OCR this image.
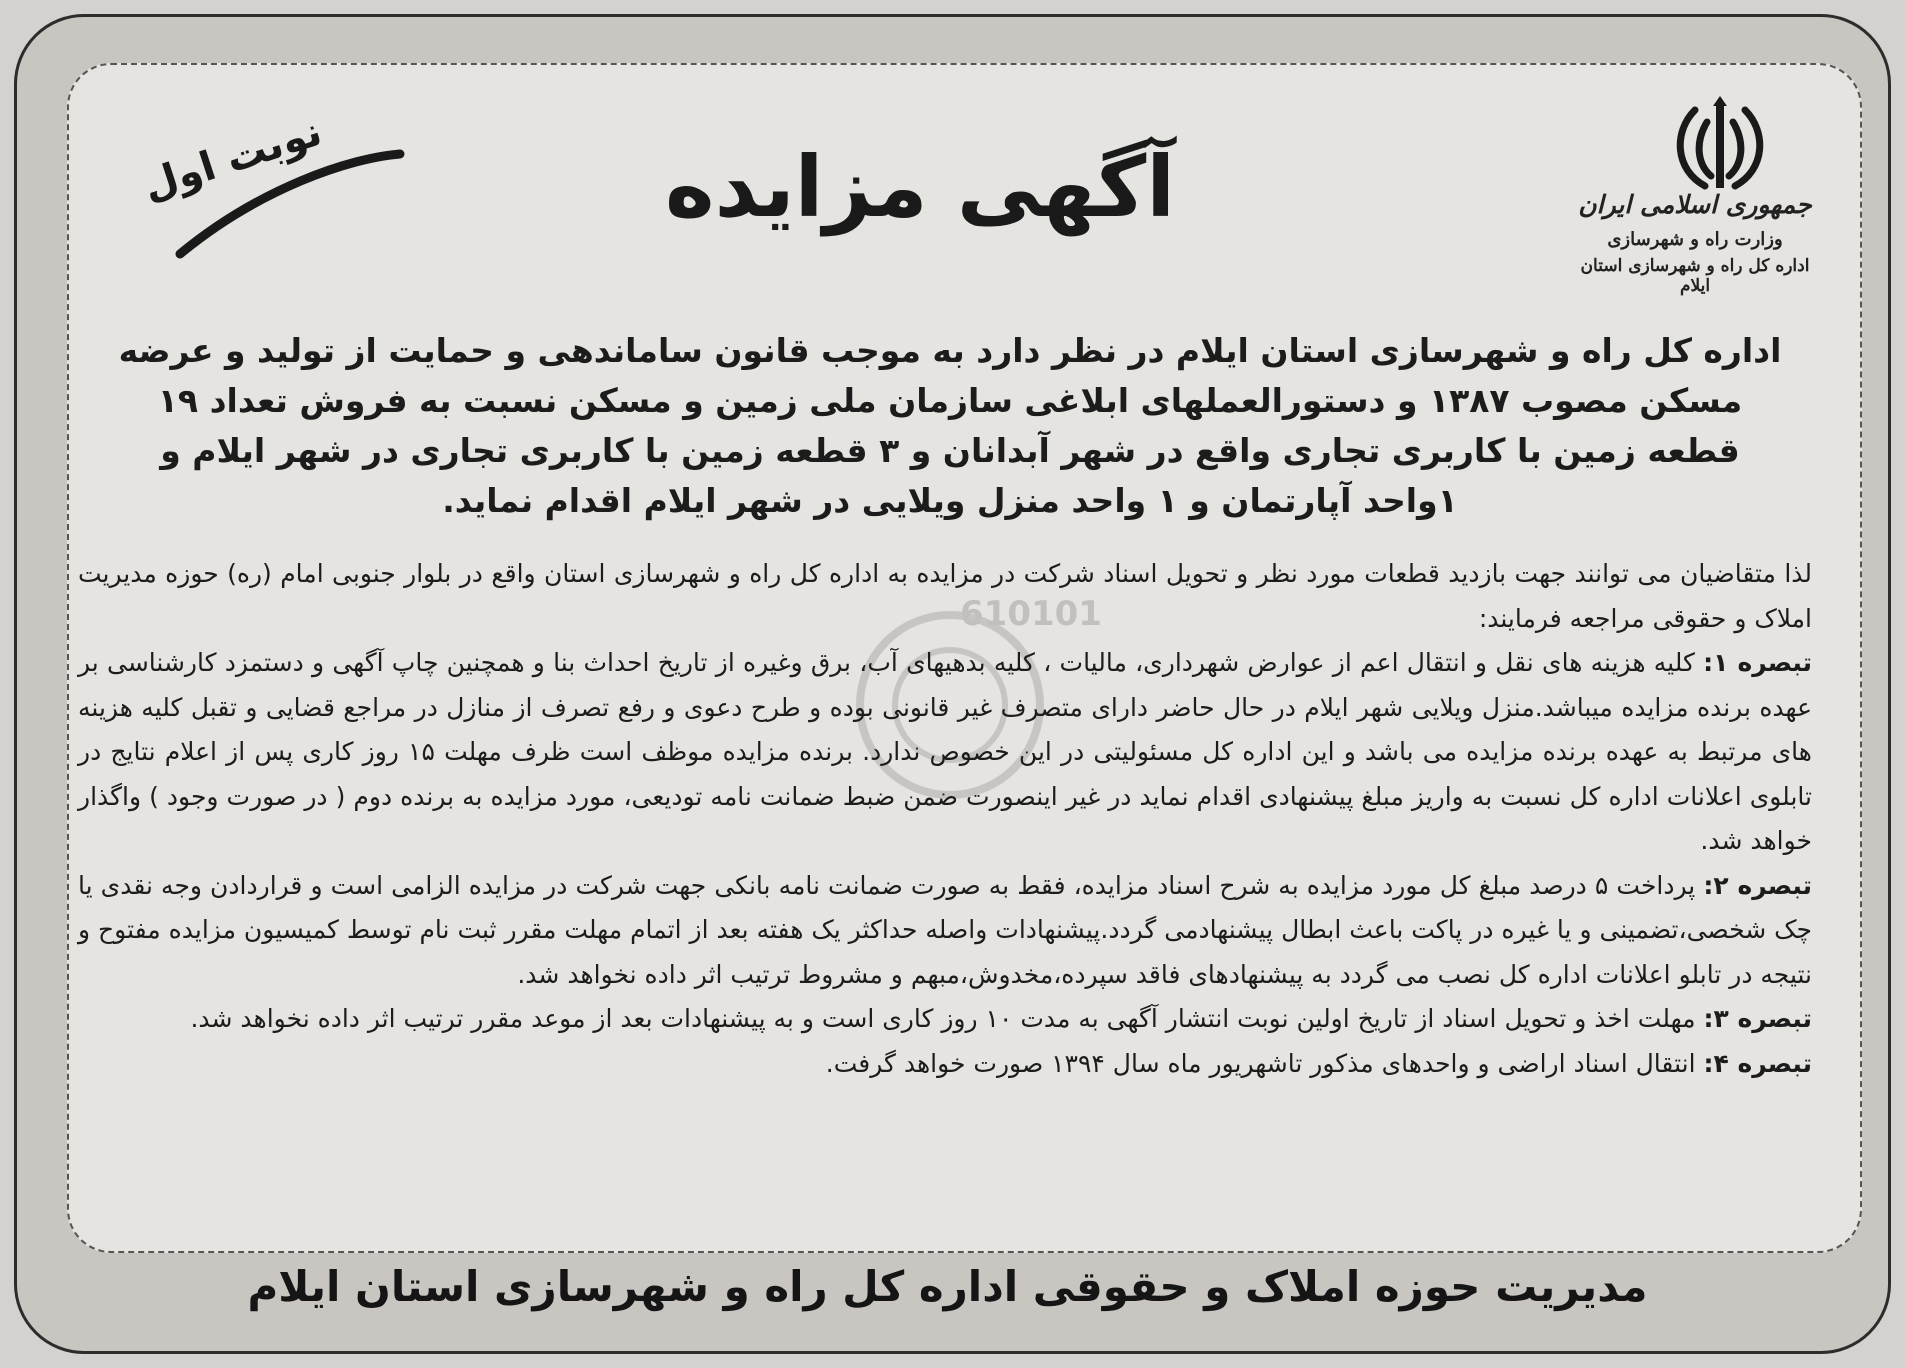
جمهوری اسلامی ایران
وزارت راه و شهرسازی
اداره کل راه و شهرسازی استان ایلام
آگهی مزایده
نوبت اول
610101
اداره کل راه و شهرسازی استان ایلام در نظر دارد به موجب قانون ساماندهی و حمایت از تولید و عرضه مسکن مصوب ۱۳۸۷ و دستورالعملهای ابلاغی سازمان ملی زمین و مسکن نسبت به فروش تعداد ۱۹ قطعه زمین با کاربری تجاری واقع در شهر آبدانان و ۳ قطعه زمین با کاربری تجاری در شهر ایلام و ۱واحد آپارتمان و ۱ واحد منزل ویلایی در شهر ایلام اقدام نماید.

لذا متقاضیان می توانند جهت بازدید قطعات مورد نظر و تحویل اسناد شرکت در مزایده به اداره کل راه و شهرسازی استان واقع در بلوار جنوبی امام (ره) حوزه مدیریت املاک و حقوقی مراجعه فرمایند:

تبصره ۱: کلیه هزینه های نقل و انتقال اعم از عوارض شهرداری، مالیات ، کلیه بدهیهای آب، برق وغیره از تاریخ احداث بنا و همچنین چاپ آگهی و دستمزد کارشناسی بر عهده برنده مزایده میباشد.منزل ویلایی شهر ایلام در حال حاضر دارای متصرف غیر قانونی بوده و طرح دعوی و رفع تصرف از منازل در مراجع قضایی و تقبل کلیه هزینه های مرتبط به عهده برنده مزایده می باشد و این اداره کل مسئولیتی در این خصوص ندارد. برنده مزایده موظف است ظرف مهلت ۱۵ روز کاری پس از اعلام نتایج در تابلوی اعلانات اداره کل نسبت به واریز مبلغ پیشنهادی اقدام نماید در غیر اینصورت ضمن ضبط ضمانت نامه تودیعی، مورد مزایده به برنده دوم ( در صورت وجود ) واگذار خواهد شد.

تبصره ۲: پرداخت ۵ درصد مبلغ کل مورد مزایده به شرح اسناد مزایده، فقط به صورت ضمانت نامه بانکی جهت شرکت در مزایده الزامی است و قراردادن وجه نقدی یا چک شخصی،تضمینی و یا غیره در پاکت باعث ابطال پیشنهادمی گردد.پیشنهادات واصله حداکثر یک هفته بعد از اتمام مهلت مقرر ثبت نام توسط کمیسیون مزایده مفتوح و نتیجه در تابلو اعلانات اداره کل نصب می گردد به پیشنهادهای فاقد سپرده،مخدوش،مبهم و مشروط ترتیب اثر داده نخواهد شد.

تبصره ۳: مهلت اخذ و تحویل اسناد از تاریخ اولین نوبت انتشار آگهی به مدت ۱۰ روز کاری است و به پیشنهادات بعد از موعد مقرر ترتیب اثر داده نخواهد شد.

تبصره ۴: انتقال اسناد اراضی و واحدهای مذکور تاشهریور ماه سال ۱۳۹۴ صورت خواهد گرفت.

مدیریت حوزه املاک و حقوقی اداره کل راه و شهرسازی استان ایلام
